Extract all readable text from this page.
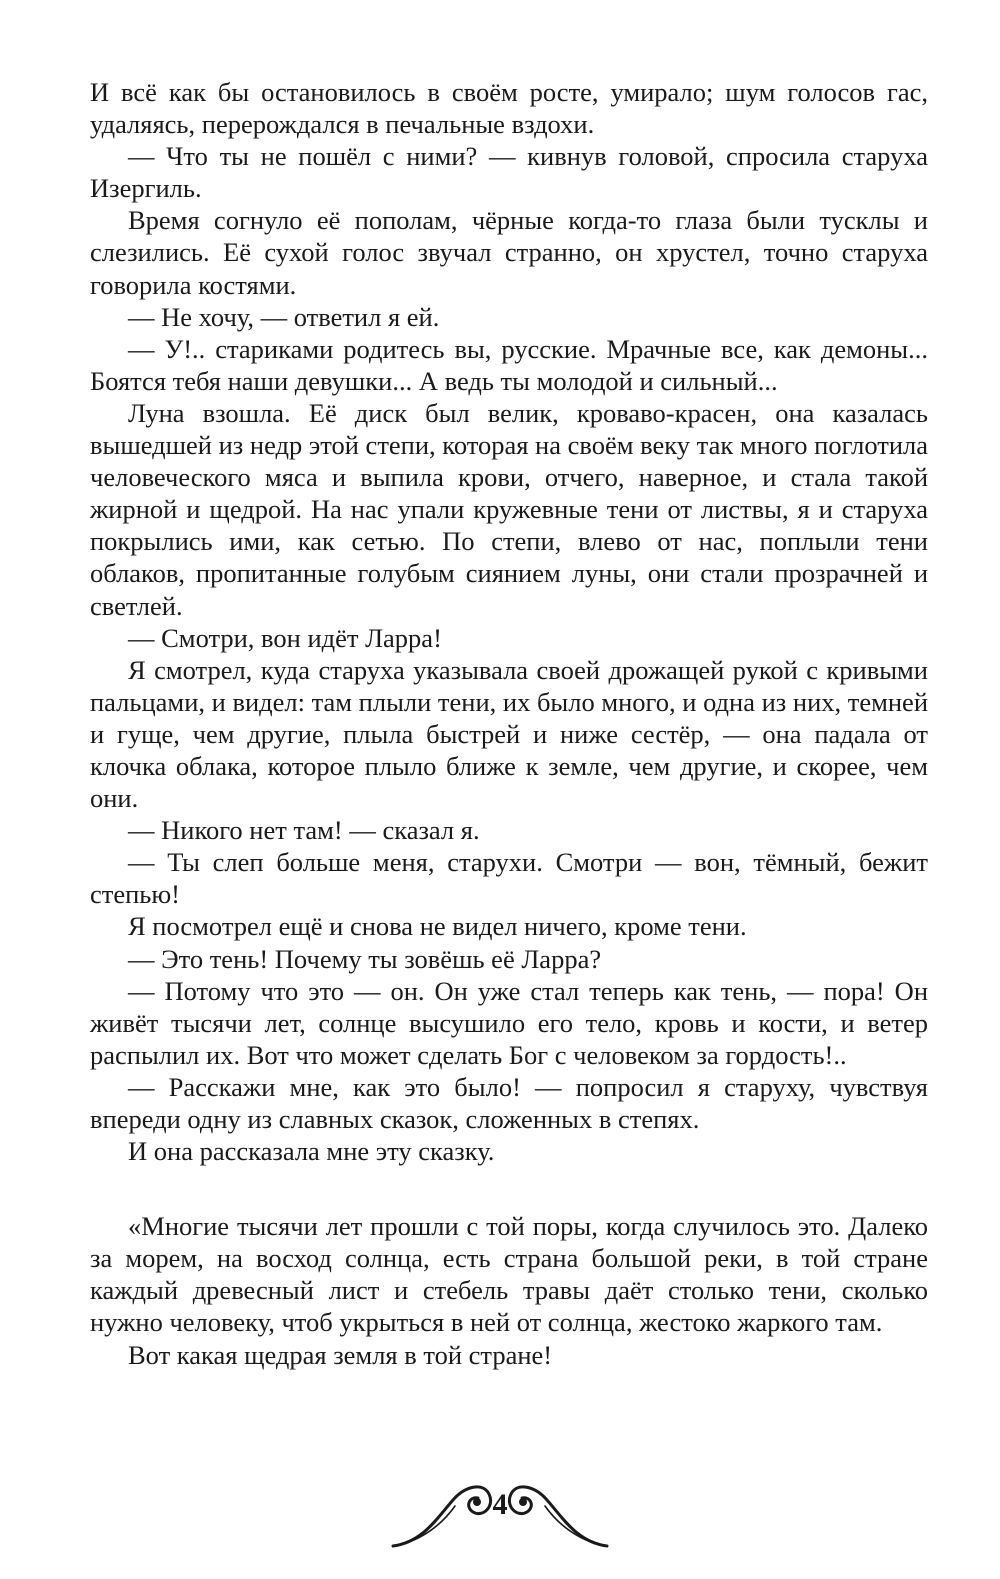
И всё как бы остановилось в своём росте, умирало; шум голосов гас, удаляясь, перерождался в печальные вздохи.

— Что ты не пошёл с ними? — кивнув головой, спросила старуха Изергиль.

Время согнуло её пополам, чёрные когда-то глаза были тусклы и слезились. Её сухой голос звучал странно, он хрустел, точно старуха говорила костями.

— Не хочу, — ответил я ей.

— У!.. стариками родитесь вы, русские. Мрачные все, как демоны... Боятся тебя наши девушки... А ведь ты молодой и сильный...

Луна взошла. Её диск был велик, кроваво-красен, она казалась вышедшей из недр этой степи, которая на своём веку так много поглотила человеческого мяса и выпила крови, отчего, наверное, и стала такой жирной и щедрой. На нас упали кружевные тени от листвы, я и старуха покрылись ими, как сетью. По степи, влево от нас, поплыли тени облаков, пропитанные голубым сиянием луны, они стали прозрачней и светлей.

— Смотри, вон идёт Ларра!

Я смотрел, куда старуха указывала своей дрожащей рукой с кривыми пальцами, и видел: там плыли тени, их было много, и одна из них, темней и гуще, чем другие, плыла быстрей и ниже сестёр, — она падала от клочка облака, которое плыло ближе к земле, чем другие, и скорее, чем они.

— Никого нет там! — сказал я.

— Ты слеп больше меня, старухи. Смотри — вон, тёмный, бежит степью!

Я посмотрел ещё и снова не видел ничего, кроме тени.

— Это тень! Почему ты зовёшь её Ларра?

— Потому что это — он. Он уже стал теперь как тень, — пора! Он живёт тысячи лет, солнце высушило его тело, кровь и кости, и ветер распылил их. Вот что может сделать Бог с человеком за гордость!..

— Расскажи мне, как это было! — попросил я старуху, чувствуя впереди одну из славных сказок, сложенных в степях.

И она рассказала мне эту сказку.

«Многие тысячи лет прошли с той поры, когда случилось это. Далеко за морем, на восход солнца, есть страна большой реки, в той стране каждый древесный лист и стебель травы даёт столько тени, сколько нужно человеку, чтоб укрыться в ней от солнца, жестоко жаркого там.

Вот какая щедрая земля в той стране!

4
